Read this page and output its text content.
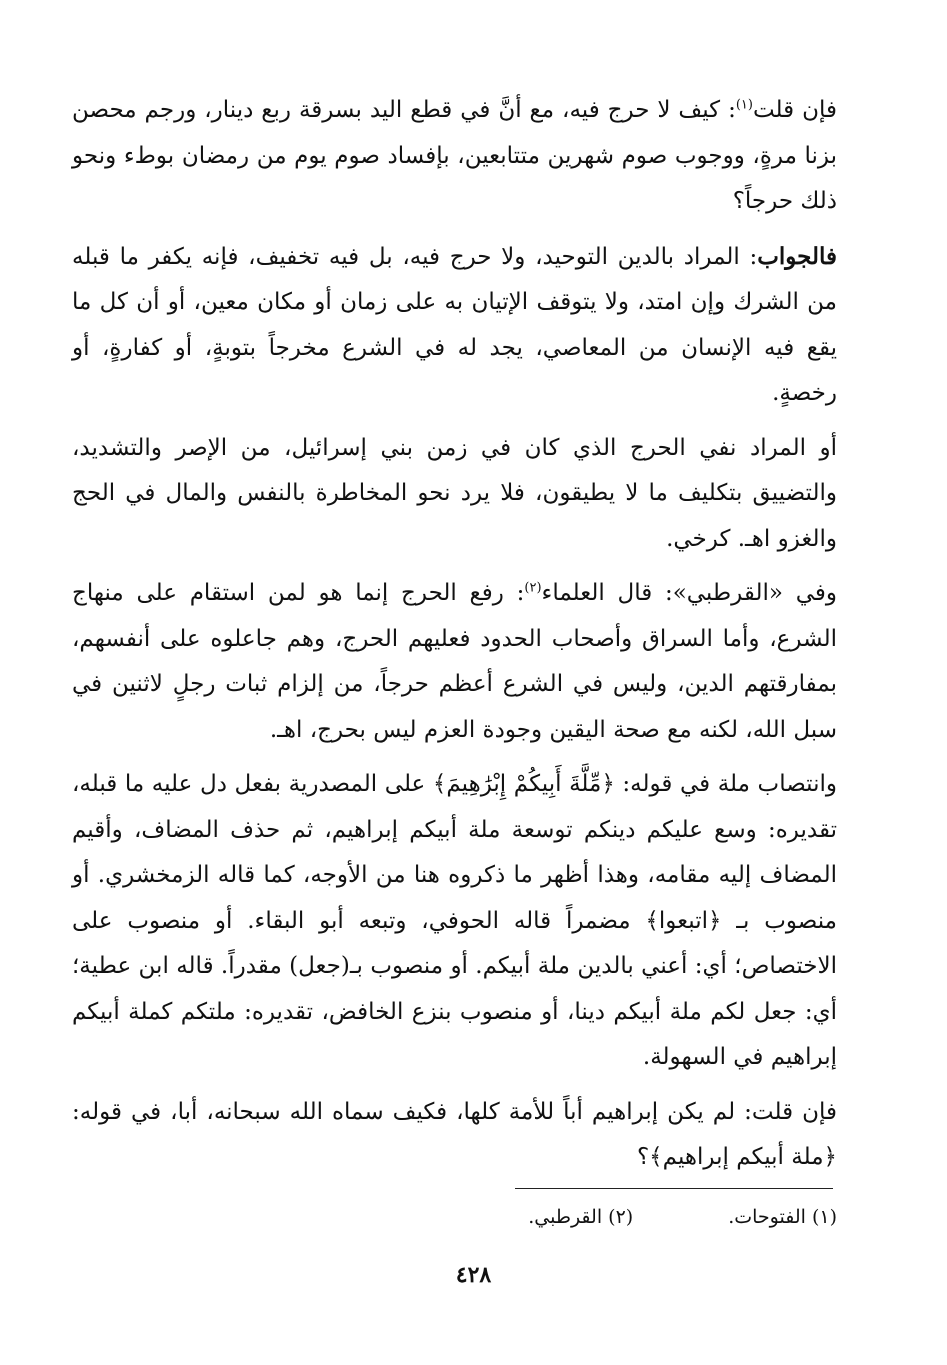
فإن قلت$^{(١)}$: كيف لا حرج فيه، مع أنَّ في قطع اليد بسرقة ربع دينار، ورجم محصن بزنا مرةٍ، ووجوب صوم شهرين متتابعين، بإفساد صوم يوم من رمضان بوطء ونحو ذلك حرجاً؟

فالجواب: المراد بالدين التوحيد، ولا حرج فيه، بل فيه تخفيف، فإنه يكفر ما قبله من الشرك وإن امتد، ولا يتوقف الإتيان به على زمان أو مكان معين، أو أن كل ما يقع فيه الإنسان من المعاصي، يجد له في الشرع مخرجاً بتوبةٍ، أو كفارةٍ، أو رخصةٍ.

أو المراد نفي الحرج الذي كان في زمن بني إسرائيل، من الإصر والتشديد، والتضييق بتكليف ما لا يطيقون، فلا يرد نحو المخاطرة بالنفس والمال في الحج والغزو اهـ. كرخي.

وفي «القرطبي»: قال العلماء$^{(٢)}$: رفع الحرج إنما هو لمن استقام على منهاج الشرع، وأما السراق وأصحاب الحدود فعليهم الحرج، وهم جاعلوه على أنفسهم، بمفارقتهم الدين، وليس في الشرع أعظم حرجاً، من إلزام ثبات رجلٍ لاثنين في سبل الله، لكنه مع صحة اليقين وجودة العزم ليس بحرج، اهـ.

وانتصاب ملة في قوله: ﴿مِّلَّةَ أَبِيكُمْ إِبْرَٰهِيمَ﴾ على المصدرية بفعل دل عليه ما قبله، تقديره: وسع عليكم دينكم توسعة ملة أبيكم إبراهيم، ثم حذف المضاف، وأقيم المضاف إليه مقامه، وهذا أظهر ما ذكروه هنا من الأوجه، كما قاله الزمخشري. أو منصوب بـ ﴿اتبعوا﴾ مضمراً قاله الحوفي، وتبعه أبو البقاء. أو منصوب على الاختصاص؛ أي: أعني بالدين ملة أبيكم. أو منصوب بـ(جعل) مقدراً. قاله ابن عطية؛ أي: جعل لكم ملة أبيكم دينا، أو منصوب بنزع الخافض، تقديره: ملتكم كملة أبيكم إبراهيم في السهولة.

فإن قلت: لم يكن إبراهيم أباً للأمة كلها، فكيف سماه الله سبحانه، أبا، في قوله: ﴿ملة أبيكم إبراهيم﴾؟

(١) الفتوحات.
(٢) القرطبي.
٤٢٨
